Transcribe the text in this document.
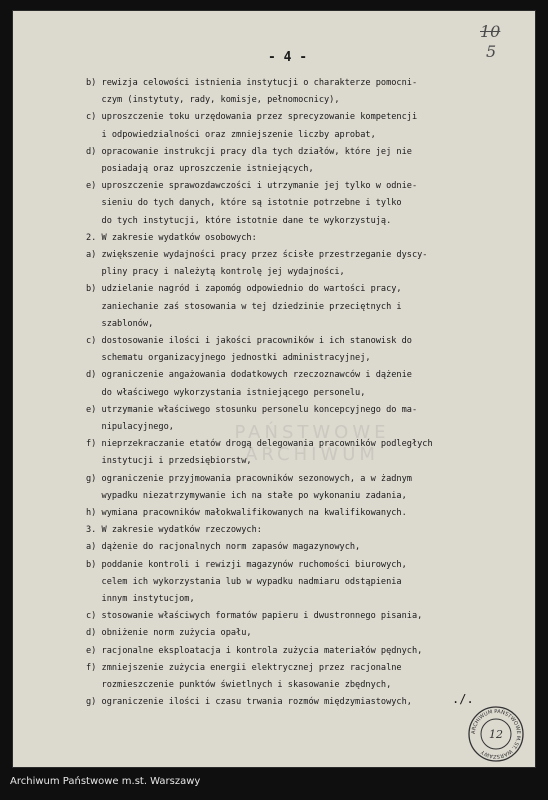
10
5
- 4 -
PAŃSTWOWE
ARCHIWUM
b) rewizja celowości istnienia instytucji o charakterze pomocni-
czym (instytuty, rady, komisje, pełnomocnicy),
c) uproszczenie toku urzędowania przez sprecyzowanie kompetencji
i odpowiedzialności oraz zmniejszenie liczby aprobat,
d) opracowanie instrukcji pracy dla tych działów, które jej nie
posiadają oraz uproszczenie istniejących,
e) uproszczenie sprawozdawczości i utrzymanie jej tylko w odnie-
sieniu do tych danych, które są istotnie potrzebne i tylko
do tych instytucji, które istotnie dane te wykorzystują.
2. W zakresie wydatków osobowych:
a) zwiększenie wydajności pracy przez ścisłe przestrzeganie dyscy-
pliny pracy i należytą kontrolę jej wydajności,
b) udzielanie nagród i zapomóg odpowiednio do wartości pracy,
zaniechanie zaś stosowania w tej dziedzinie przeciętnych i
szablonów,
c) dostosowanie ilości i jakości pracowników i ich stanowisk do
schematu organizacyjnego jednostki administracyjnej,
d) ograniczenie angażowania dodatkowych rzeczoznawców i dążenie
do właściwego wykorzystania istniejącego personelu,
e) utrzymanie właściwego stosunku personelu koncepcyjnego do ma-
nipulacyjnego,
f) nieprzekraczanie etatów drogą delegowania pracowników podległych
instytucji i przedsiębiorstw,
g) ograniczenie przyjmowania pracowników sezonowych, a w żadnym
wypadku niezatrzymywanie ich na stałe po wykonaniu zadania,
h) wymiana pracowników małokwalifikowanych na kwalifikowanych.
3. W zakresie wydatków rzeczowych:
a) dążenie do racjonalnych norm zapasów magazynowych,
b) poddanie kontroli i rewizji magazynów ruchomości biurowych,
celem ich wykorzystania lub w wypadku nadmiaru odstąpienia
innym instytucjom,
c) stosowanie właściwych formatów papieru i dwustronnego pisania,
d) obniżenie norm zużycia opału,
e) racjonalne eksploatacja i kontrola zużycia materiałów pędnych,
f) zmniejszenie zużycia energii elektrycznej przez racjonalne
rozmieszczenie punktów świetlnych i skasowanie zbędnych,
g) ograniczenie ilości i czasu trwania rozmów międzymiastowych,	./.
ARCHIWUM PAŃSTWOWE M.ST. WARSZAWY
12
Archiwum Państwowe m.st. Warszawy
